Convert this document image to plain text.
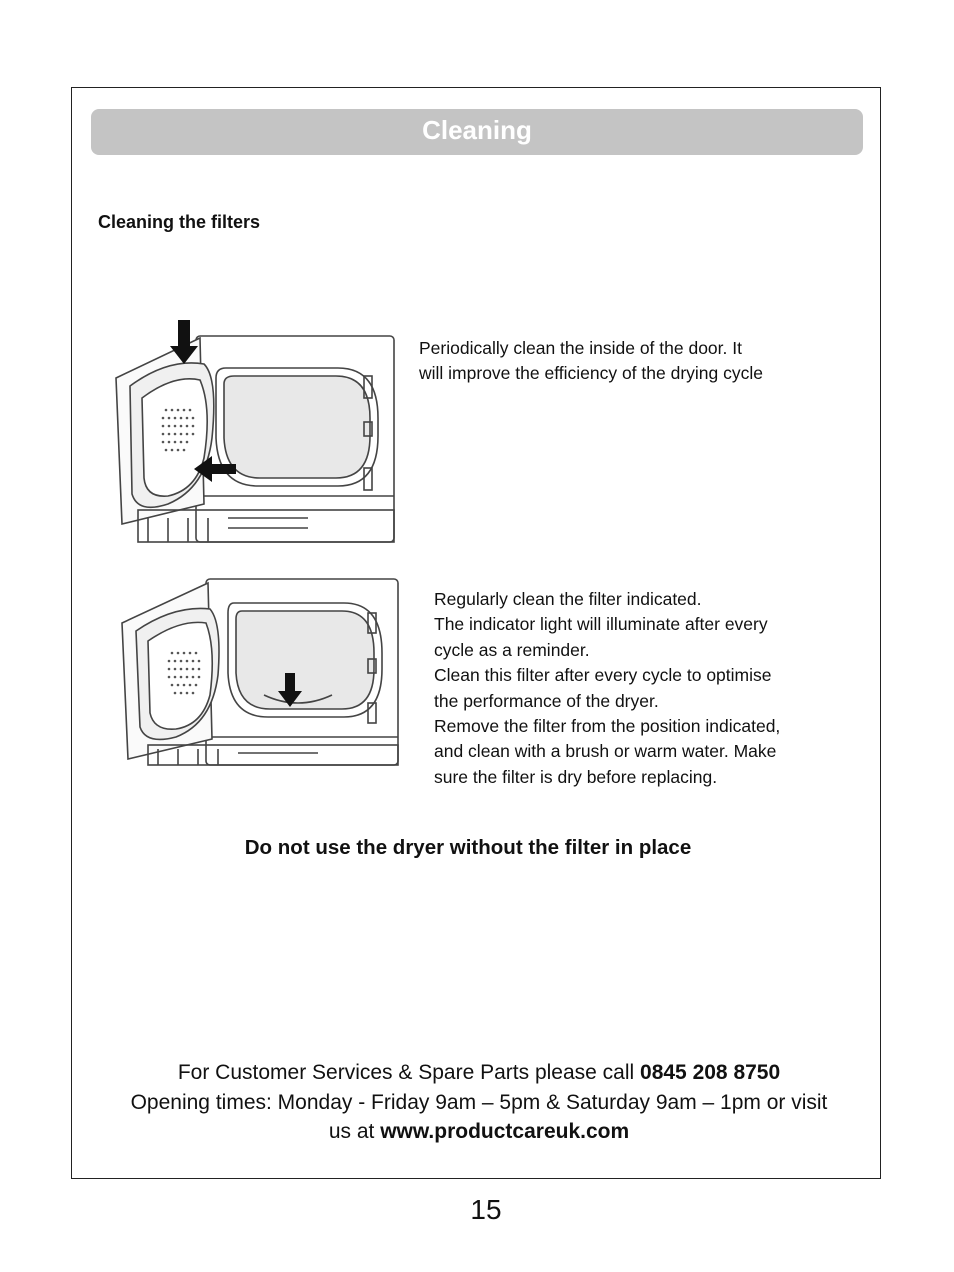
Cleaning
Cleaning the filters
Periodically clean the inside of the door. It
will improve the efficiency of the drying cycle
Regularly clean the filter indicated.
The indicator light will illuminate after every
cycle as a reminder.
Clean this filter after every cycle to optimise
the performance of the dryer.
Remove the filter from the position indicated,
and clean with a brush or warm water. Make
sure the filter is dry before replacing.
Do not use the dryer without the filter in place
For Customer Services & Spare Parts please call 0845 208 8750
Opening times: Monday - Friday 9am – 5pm & Saturday 9am – 1pm or visit
us at www.productcareuk.com
15
